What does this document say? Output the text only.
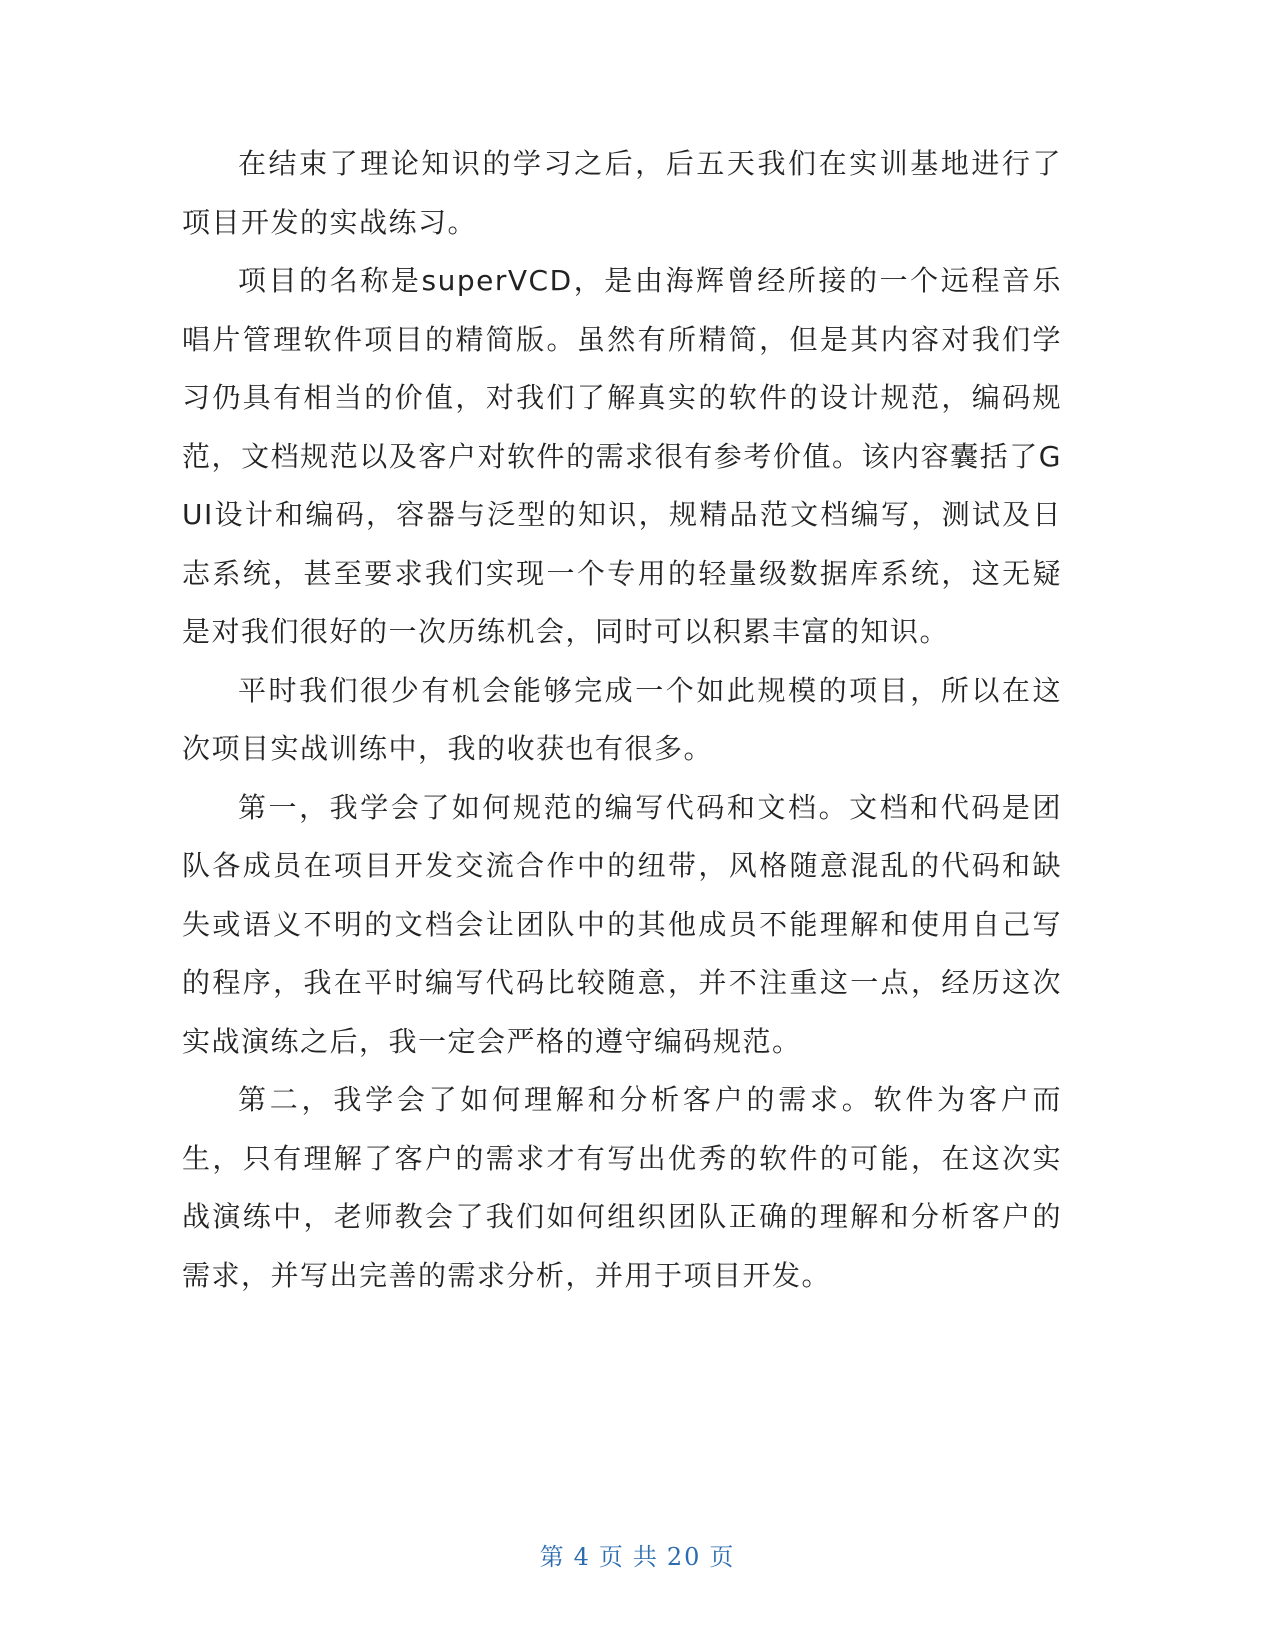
在结束了理论知识的学习之后，后五天我们在实训基地进行了项目开发的实战练习。

项目的名称是superVCD，是由海辉曾经所接的一个远程音乐唱片管理软件项目的精简版。虽然有所精简，但是其内容对我们学习仍具有相当的价值，对我们了解真实的软件的设计规范，编码规范，文档规范以及客户对软件的需求很有参考价值。该内容囊括了GUI设计和编码，容器与泛型的知识，规精品范文档编写，测试及日志系统，甚至要求我们实现一个专用的轻量级数据库系统，这无疑是对我们很好的一次历练机会，同时可以积累丰富的知识。

平时我们很少有机会能够完成一个如此规模的项目，所以在这次项目实战训练中，我的收获也有很多。

第一，我学会了如何规范的编写代码和文档。文档和代码是团队各成员在项目开发交流合作中的纽带，风格随意混乱的代码和缺失或语义不明的文档会让团队中的其他成员不能理解和使用自己写的程序，我在平时编写代码比较随意，并不注重这一点，经历这次实战演练之后，我一定会严格的遵守编码规范。

第二，我学会了如何理解和分析客户的需求。软件为客户而生，只有理解了客户的需求才有写出优秀的软件的可能，在这次实战演练中，老师教会了我们如何组织团队正确的理解和分析客户的需求，并写出完善的需求分析，并用于项目开发。

第 4 页 共 20 页
